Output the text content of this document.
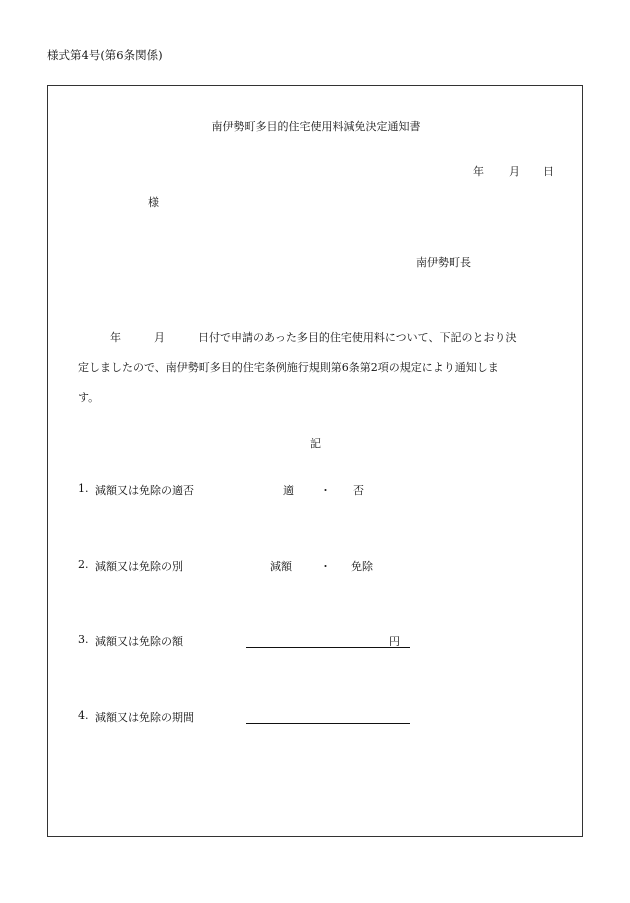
様式第4号(第6条関係)
南伊勢町多目的住宅使用料減免決定通知書
年 月 日
様
南伊勢町長
年	月	日付で申請のあった多目的住宅使用料について、下記のとおり決
定しましたので、南伊勢町多目的住宅条例施行規則第6条第2項の規定により通知しま
す。
記
1. 減額又は免除の適否	適 ・ 否
2. 減額又は免除の別	減額	・ 免除
3. 減額又は免除の額	円
4. 減額又は免除の期間
